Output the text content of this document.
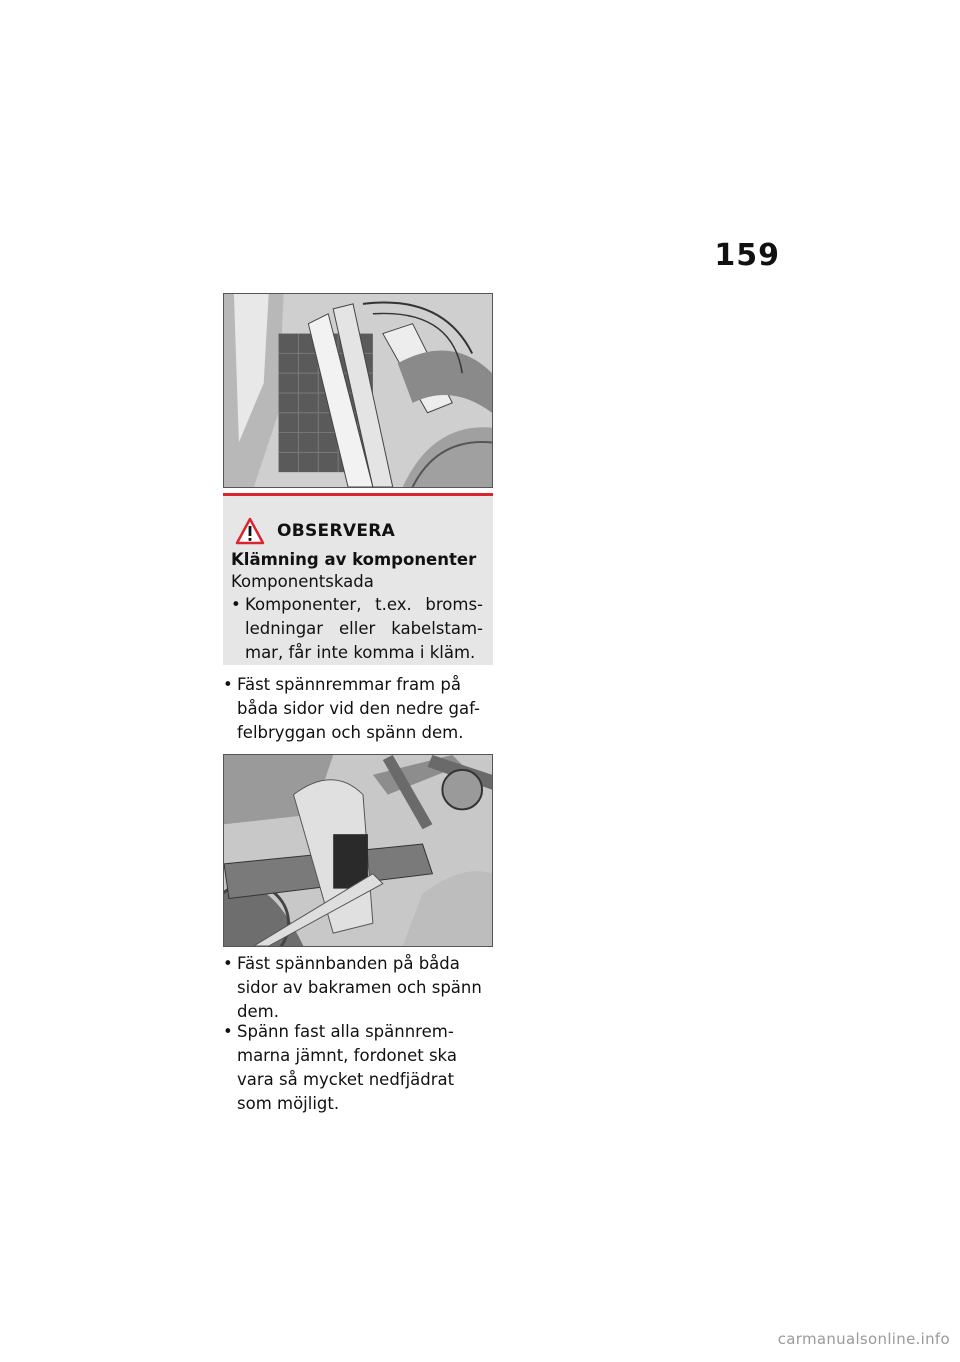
159
OBSERVERA
Klämning av komponenter
Komponentskada
• Komponenter, t.ex. broms-ledningar eller kabelstam-mar, får inte komma i kläm.
• Fäst spännremmar fram på båda sidor vid den nedre gaf-felbryggan och spänn dem.
• Fäst spännbanden på båda sidor av bakramen och spänn dem.
• Spänn fast alla spännrem-marna jämnt, fordonet ska vara så mycket nedfjädrat som möjligt.
carmanualsonline.info
